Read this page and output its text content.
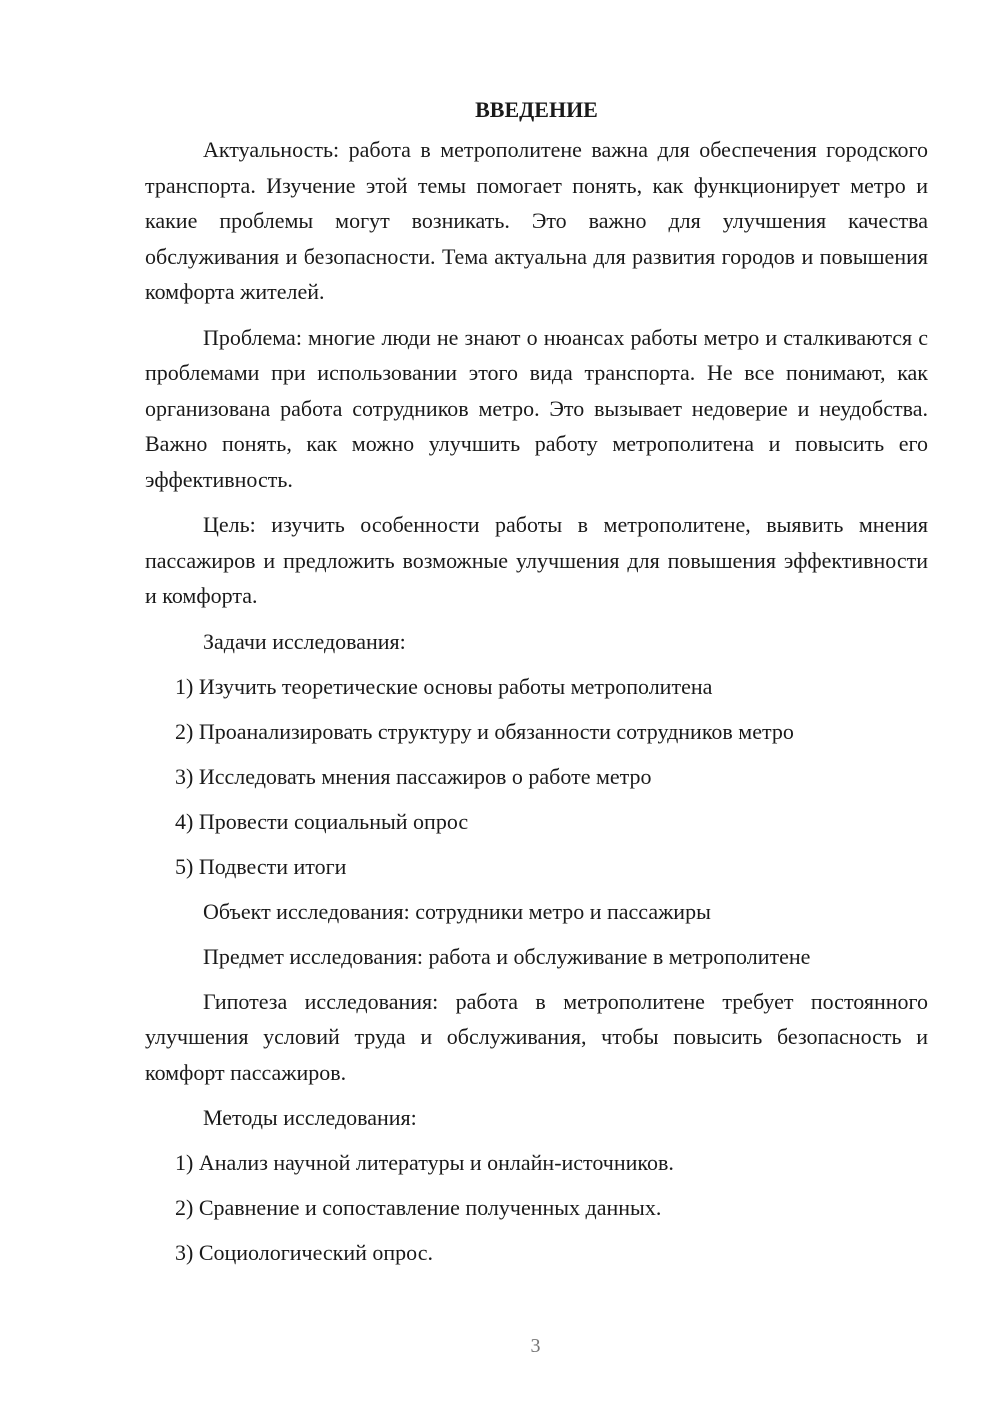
ВВЕДЕНИЕ

Актуальность: работа в метрополитене важна для обеспечения городского транспорта. Изучение этой темы помогает понять, как функционирует метро и какие проблемы могут возникать. Это важно для улучшения качества обслуживания и безопасности. Тема актуальна для развития городов и повышения комфорта жителей.

Проблема: многие люди не знают о нюансах работы метро и сталкиваются с проблемами при использовании этого вида транспорта. Не все понимают, как организована работа сотрудников метро. Это вызывает недоверие и неудобства. Важно понять, как можно улучшить работу метрополитена и повысить его эффективность.

Цель: изучить особенности работы в метрополитене, выявить мнения пассажиров и предложить возможные улучшения для повышения эффективности и комфорта.

Задачи исследования:

1) Изучить теоретические основы работы метрополитена
2) Проанализировать структуру и обязанности сотрудников метро
3) Исследовать мнения пассажиров о работе метро
4) Провести социальный опрос
5) Подвести итоги

Объект исследования: сотрудники метро и пассажиры

Предмет исследования: работа и обслуживание в метрополитене

Гипотеза исследования: работа в метрополитене требует постоянного улучшения условий труда и обслуживания, чтобы повысить безопасность и комфорт пассажиров.

Методы исследования:

1) Анализ научной литературы и онлайн-источников.
2) Сравнение и сопоставление полученных данных.
3) Социологический опрос.
3
